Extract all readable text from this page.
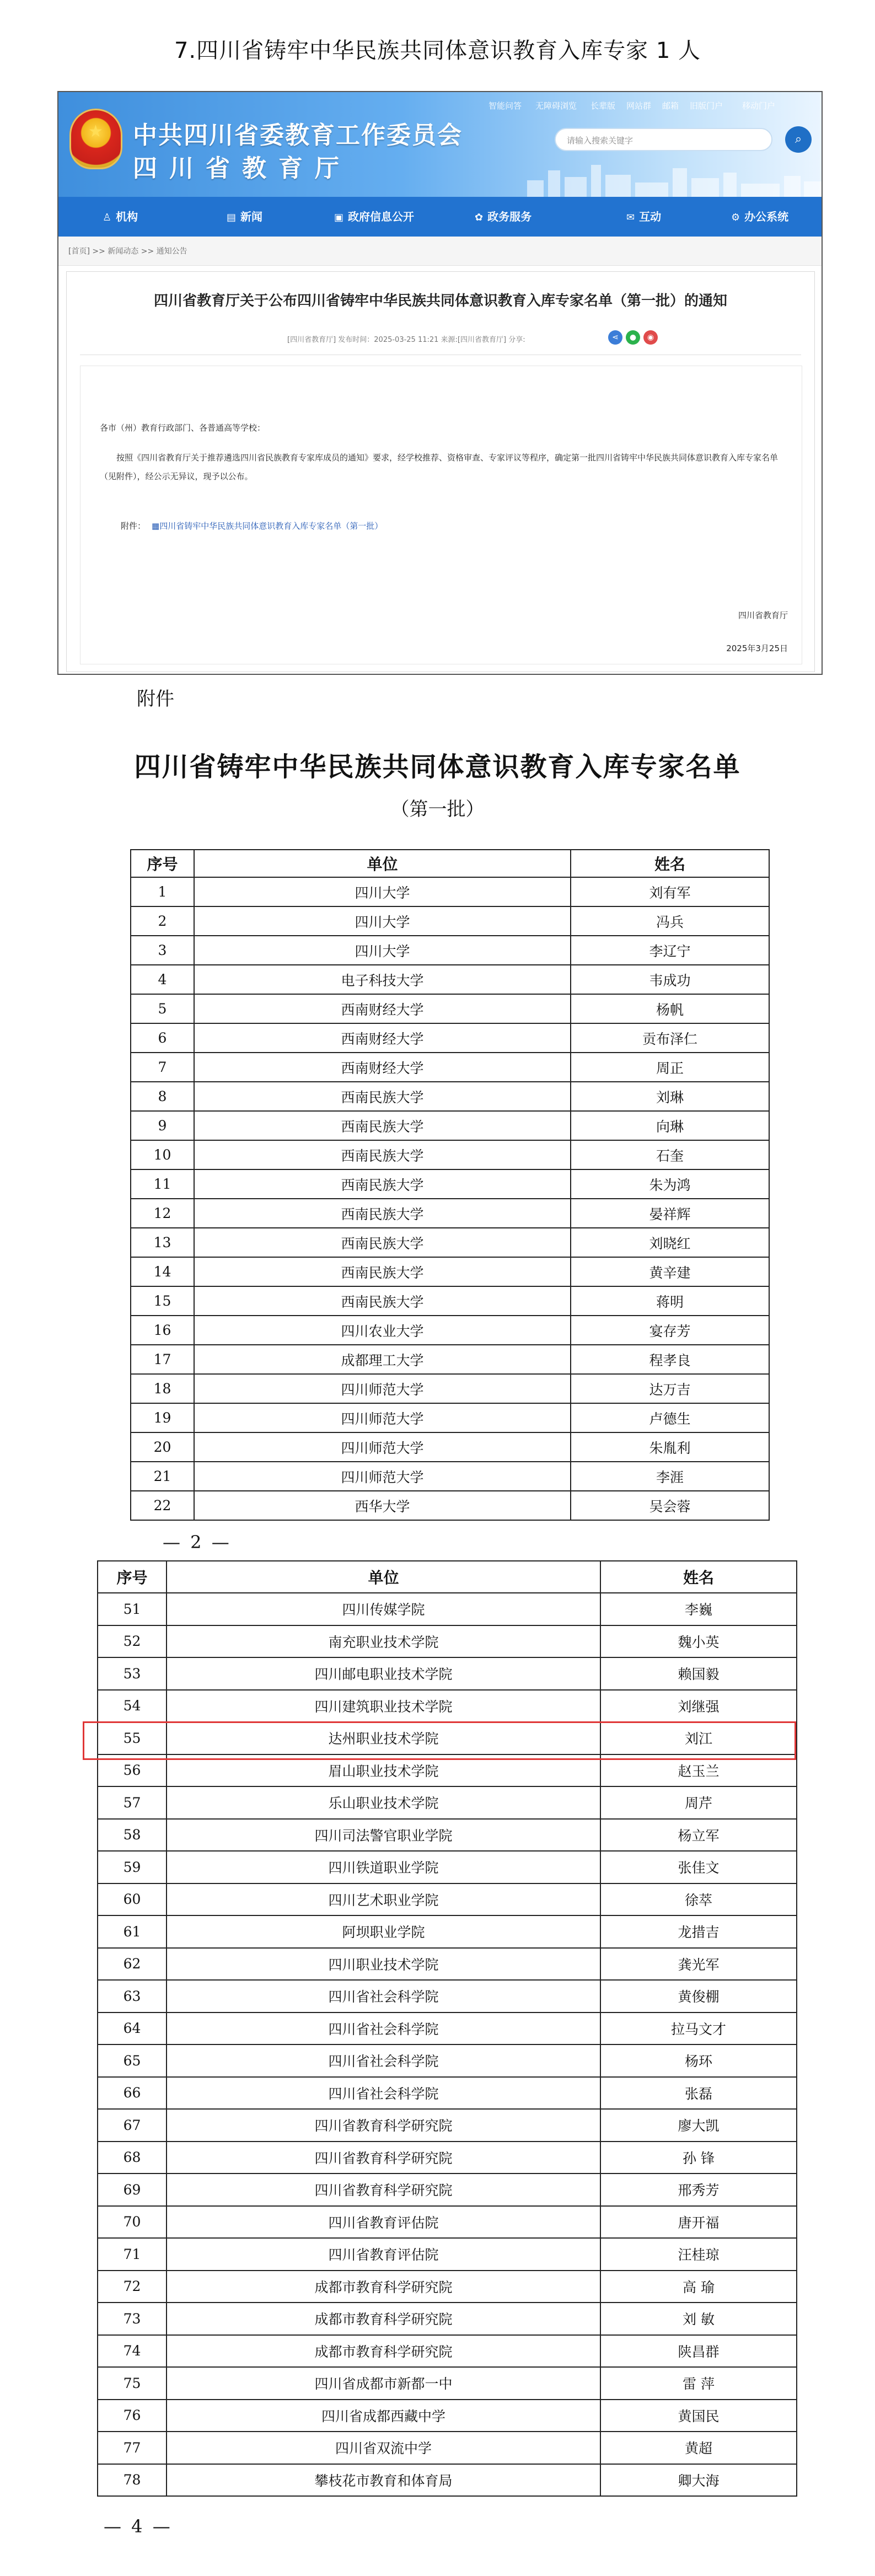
7.四川省铸牢中华民族共同体意识教育入库专家 1 人
★ 中共四川省委教育工作委员会
四川省教育厅
智能问答 无障碍浏览 长辈版 网站群 邮箱 旧版门户 移动门户
请输入搜索关键字	⌕
♙ 机构	▤ 新闻	▣ 政府信息公开	✿ 政务服务	✉ 互动	⚙ 办公系统
[首页] >> 新闻动态 >> 通知公告
四川省教育厅关于公布四川省铸牢中华民族共同体意识教育入库专家名单（第一批）的通知
[四川省教育厅] 发布时间：2025-03-25 11:21 来源:[四川省教育厅] 分享:	⋖	●	◉
各市（州）教育行政部门、各普通高等学校：
按照《四川省教育厅关于推荐遴选四川省民族教育专家库成员的通知》要求，经学校推荐、资格审查、专家评议等程序，确定第一批四川省铸牢中华民族共同体意识教育入库专家名单（见附件），经公示无异议，现予以公布。
附件： ▦四川省铸牢中华民族共同体意识教育入库专家名单（第一批）
四川省教育厅
2025年3月25日
附件
四川省铸牢中华民族共同体意识教育入库专家名单
（第一批）
序号	单位	姓名
1	四川大学	刘有军
2	四川大学	冯兵
3	四川大学	李辽宁
4	电子科技大学	韦成功
5	西南财经大学	杨帆
6	西南财经大学	贡布泽仁
7	西南财经大学	周正
8	西南民族大学	刘琳
9	西南民族大学	向琳
10	西南民族大学	石奎
11	西南民族大学	朱为鸿
12	西南民族大学	晏祥辉
13	西南民族大学	刘晓红
14	西南民族大学	黄辛建
15	西南民族大学	蒋明
16	四川农业大学	宴存芳
17	成都理工大学	程孝良
18	四川师范大学	达万吉
19	四川师范大学	卢德生
20	四川师范大学	朱胤利
21	四川师范大学	李涯
22	西华大学	吴会蓉
— 2 —
序号	单位	姓名
51	四川传媒学院	李巍
52	南充职业技术学院	魏小英
53	四川邮电职业技术学院	赖国毅
54	四川建筑职业技术学院	刘继强
55	达州职业技术学院	刘江
56	眉山职业技术学院	赵玉兰
57	乐山职业技术学院	周芹
58	四川司法警官职业学院	杨立军
59	四川铁道职业学院	张佳文
60	四川艺术职业学院	徐萃
61	阿坝职业学院	龙措吉
62	四川职业技术学院	龚光军
63	四川省社会科学院	黄俊棚
64	四川省社会科学院	拉马文才
65	四川省社会科学院	杨环
66	四川省社会科学院	张磊
67	四川省教育科学研究院	廖大凯
68	四川省教育科学研究院	孙 锋
69	四川省教育科学研究院	邢秀芳
70	四川省教育评估院	唐开福
71	四川省教育评估院	汪桂琼
72	成都市教育科学研究院	高 瑜
73	成都市教育科学研究院	刘 敏
74	成都市教育科学研究院	陕昌群
75	四川省成都市新都一中	雷 萍
76	四川省成都西藏中学	黄国民
77	四川省双流中学	黄超
78	攀枝花市教育和体育局	卿大海
— 4 —
